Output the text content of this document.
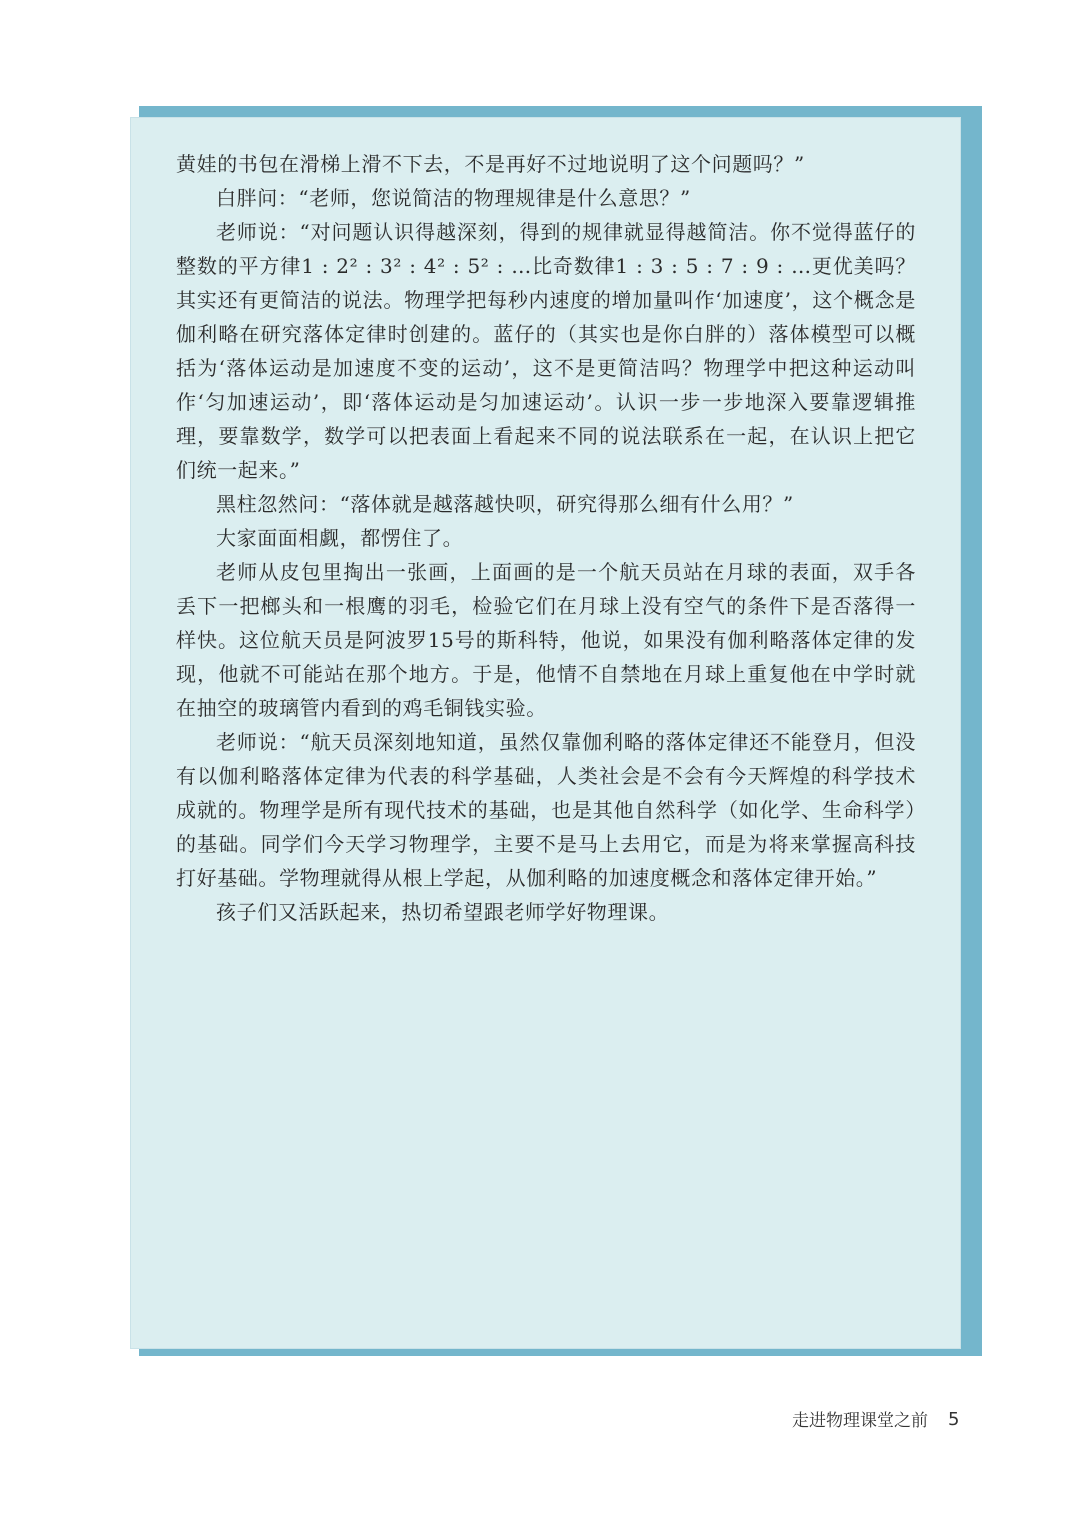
黄娃的书包在滑梯上滑不下去，不是再好不过地说明了这个问题吗？”

白胖问：“老师，您说简洁的物理规律是什么意思？”

老师说：“对问题认识得越深刻，得到的规律就显得越简洁。你不觉得蓝仔的整数的平方律1 : 2² : 3² : 4² : 5² : …比奇数律1 : 3 : 5 : 7 : 9 : …更优美吗？其实还有更简洁的说法。物理学把每秒内速度的增加量叫作‘加速度’，这个概念是伽利略在研究落体定律时创建的。蓝仔的（其实也是你白胖的）落体模型可以概括为‘落体运动是加速度不变的运动’，这不是更简洁吗？物理学中把这种运动叫作‘匀加速运动’，即‘落体运动是匀加速运动’。认识一步一步地深入要靠逻辑推理，要靠数学，数学可以把表面上看起来不同的说法联系在一起，在认识上把它们统一起来。”

黑柱忽然问：“落体就是越落越快呗，研究得那么细有什么用？”

大家面面相觑，都愣住了。

老师从皮包里掏出一张画，上面画的是一个航天员站在月球的表面，双手各丢下一把榔头和一根鹰的羽毛，检验它们在月球上没有空气的条件下是否落得一样快。这位航天员是阿波罗15号的斯科特，他说，如果没有伽利略落体定律的发现，他就不可能站在那个地方。于是，他情不自禁地在月球上重复他在中学时就在抽空的玻璃管内看到的鸡毛铜钱实验。

老师说：“航天员深刻地知道，虽然仅靠伽利略的落体定律还不能登月，但没有以伽利略落体定律为代表的科学基础，人类社会是不会有今天辉煌的科学技术成就的。物理学是所有现代技术的基础，也是其他自然科学（如化学、生命科学）的基础。同学们今天学习物理学，主要不是马上去用它，而是为将来掌握高科技打好基础。学物理就得从根上学起，从伽利略的加速度概念和落体定律开始。”

孩子们又活跃起来，热切希望跟老师学好物理课。

走进物理课堂之前 5
